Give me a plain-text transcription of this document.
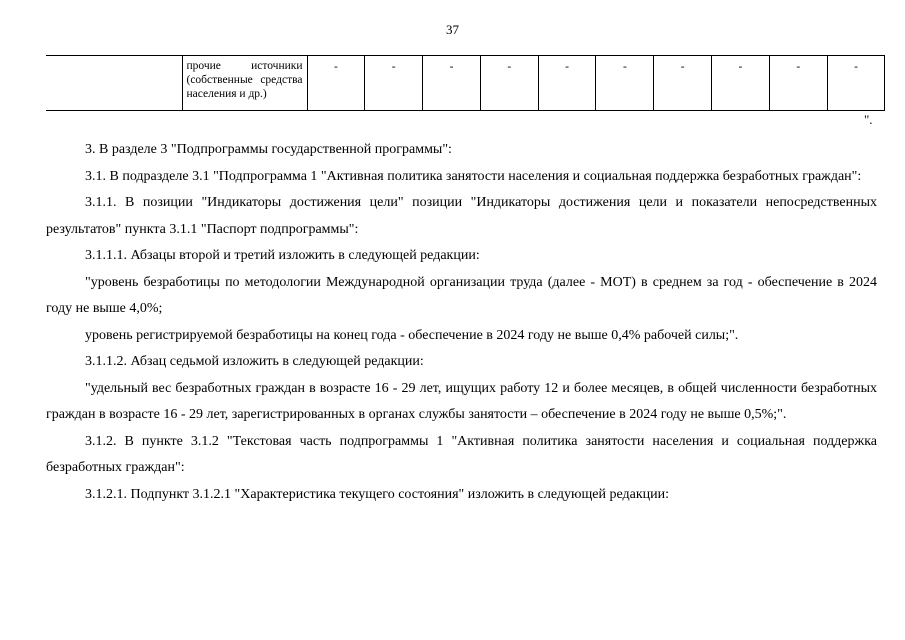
37
	прочие источники (собственные средства населения и др.)	-	-	-	-	-	-	-	-	-	-
".

3. В разделе 3 "Подпрограммы государственной программы":

3.1. В подразделе 3.1 "Подпрограмма 1 "Активная политика занятости населения и социальная поддержка безработных граждан":

3.1.1. В позиции "Индикаторы достижения цели" позиции "Индикаторы достижения цели и показатели непосредственных результатов" пункта 3.1.1 "Паспорт подпрограммы":

3.1.1.1. Абзацы второй и третий изложить в следующей редакции:

"уровень безработицы по методологии Международной организации труда (далее - МОТ) в среднем за год - обеспечение в 2024 году не выше 4,0%;

уровень регистрируемой безработицы на конец года - обеспечение в 2024 году не выше 0,4% рабочей силы;".

3.1.1.2. Абзац седьмой изложить в следующей редакции:

"удельный вес безработных граждан в возрасте 16 - 29 лет, ищущих работу 12 и более месяцев, в общей численности безработных граждан в возрасте 16 - 29 лет, зарегистрированных в органах службы занятости – обеспечение в 2024 году не выше 0,5%;".

3.1.2. В пункте 3.1.2 "Текстовая часть подпрограммы 1 "Активная политика занятости населения и социальная поддержка безработных граждан":

3.1.2.1. Подпункт 3.1.2.1 "Характеристика текущего состояния" изложить в следующей редакции:
